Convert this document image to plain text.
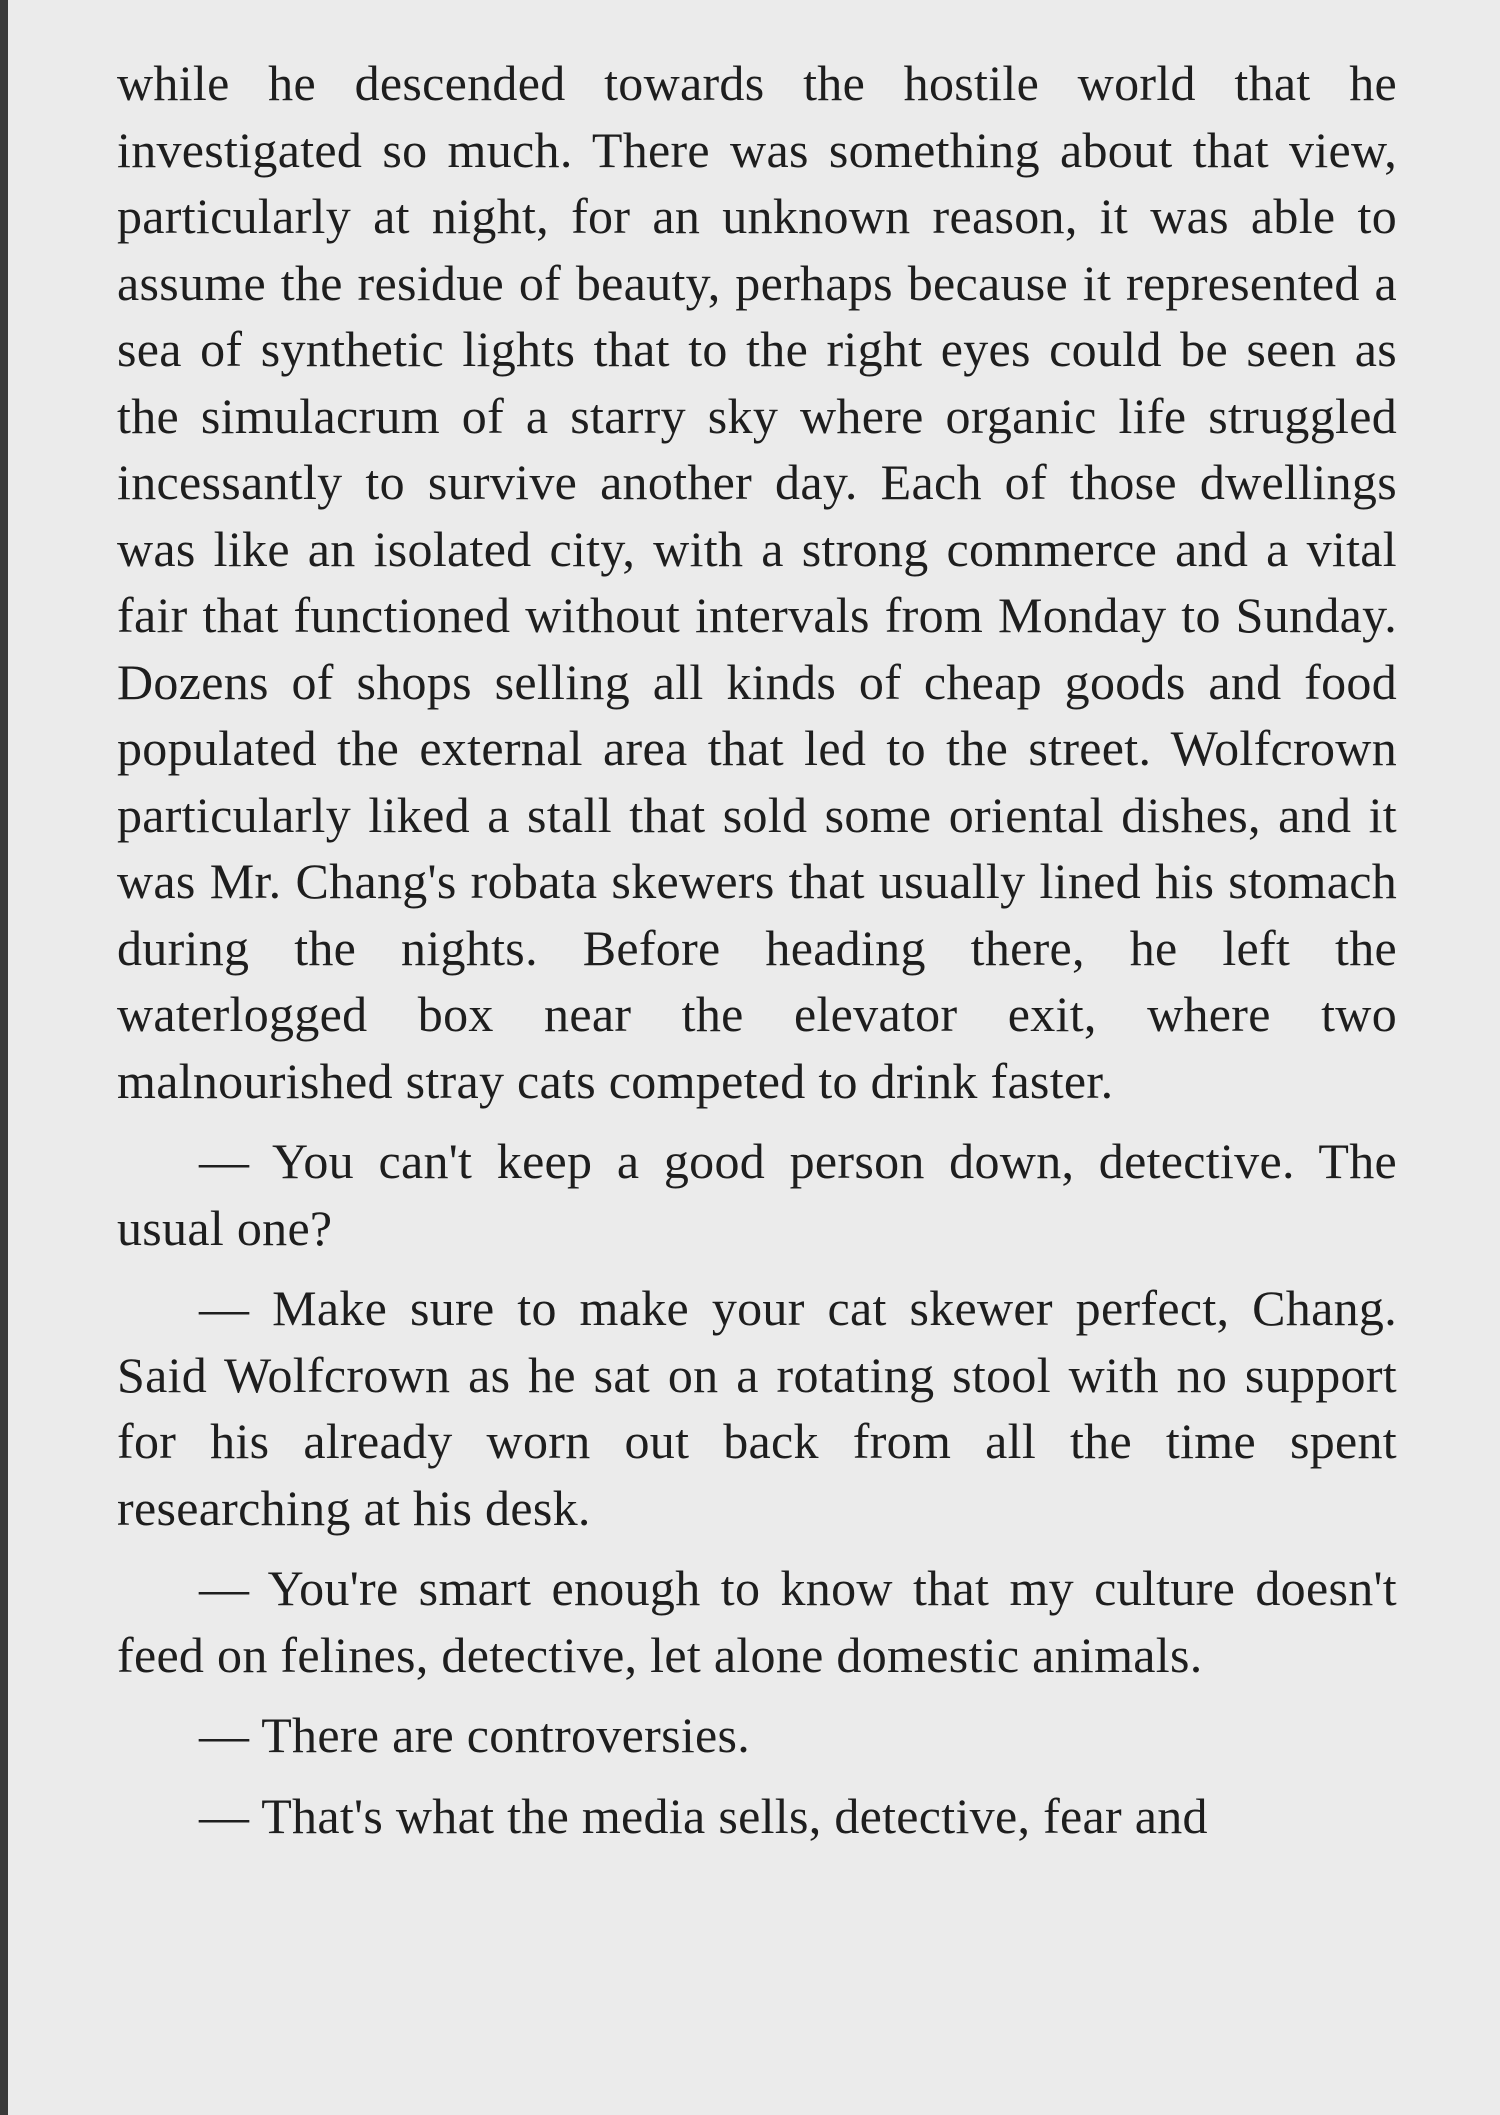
while he descended towards the hostile world that he investigated so much. There was something about that view, particularly at night, for an unknown reason, it was able to assume the residue of beauty, perhaps because it represented a sea of synthetic lights that to the right eyes could be seen as the simulacrum of a starry sky where organic life struggled incessantly to survive another day. Each of those dwellings was like an isolated city, with a strong commerce and a vital fair that functioned without intervals from Monday to Sunday. Dozens of shops selling all kinds of cheap goods and food populated the external area that led to the street. Wolfcrown particularly liked a stall that sold some oriental dishes, and it was Mr. Chang's robata skewers that usually lined his stomach during the nights. Before heading there, he left the waterlogged box near the elevator exit, where two malnourished stray cats competed to drink faster.

— You can't keep a good person down, detective. The usual one?

— Make sure to make your cat skewer perfect, Chang. Said Wolfcrown as he sat on a rotating stool with no support for his already worn out back from all the time spent researching at his desk.

— You're smart enough to know that my culture doesn't feed on felines, detective, let alone domestic animals.

— There are controversies.

— That's what the media sells, detective, fear and
